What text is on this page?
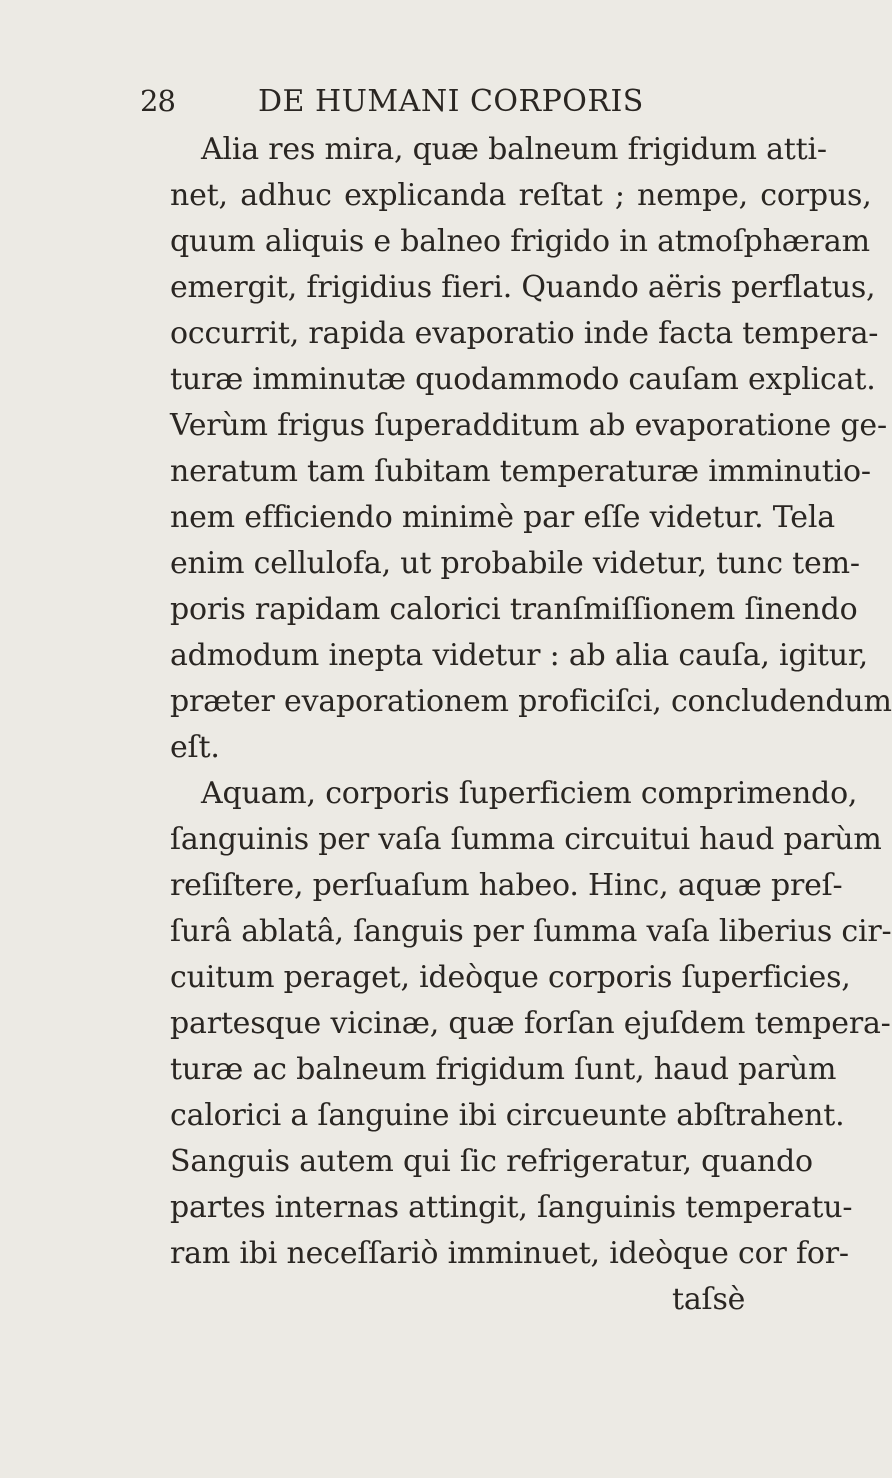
28	DE HUMANI CORPORIS
Alia res mira, quæ balneum frigidum atti-
net, adhuc explicanda reſtat ; nempe, corpus,
quum aliquis e balneo frigido in atmoſphæram
emergit, frigidius fieri. Quando aëris perflatus,
occurrit, rapida evaporatio inde facta tempera-
turæ imminutæ quodammodo cauſam explicat.
Verùm frigus ſuperadditum ab evaporatione ge-
neratum tam ſubitam temperaturæ imminutio-
nem efficiendo minimè par eſſe videtur. Tela
enim cellulofa, ut probabile videtur, tunc tem-
poris rapidam calorici tranſmiſſionem ſinendo
admodum inepta videtur : ab alia cauſa, igitur,
præter evaporationem proficiſci, concludendum
eſt.
Aquam, corporis ſuperficiem comprimendo,
ſanguinis per vaſa ſumma circuitui haud parùm
reſiſtere, perſuaſum habeo. Hinc, aquæ preſ-
ſurâ ablatâ, ſanguis per ſumma vaſa liberius cir-
cuitum peraget, ideòque corporis ſuperficies,
partesque vicinæ, quæ forſan ejuſdem tempera-
turæ ac balneum frigidum ſunt, haud parùm
calorici a ſanguine ibi circueunte abſtrahent.
Sanguis autem qui ſic refrigeratur, quando
partes internas attingit, ſanguinis temperatu-
ram ibi neceſſariò imminuet, ideòque cor for-
taſsè
